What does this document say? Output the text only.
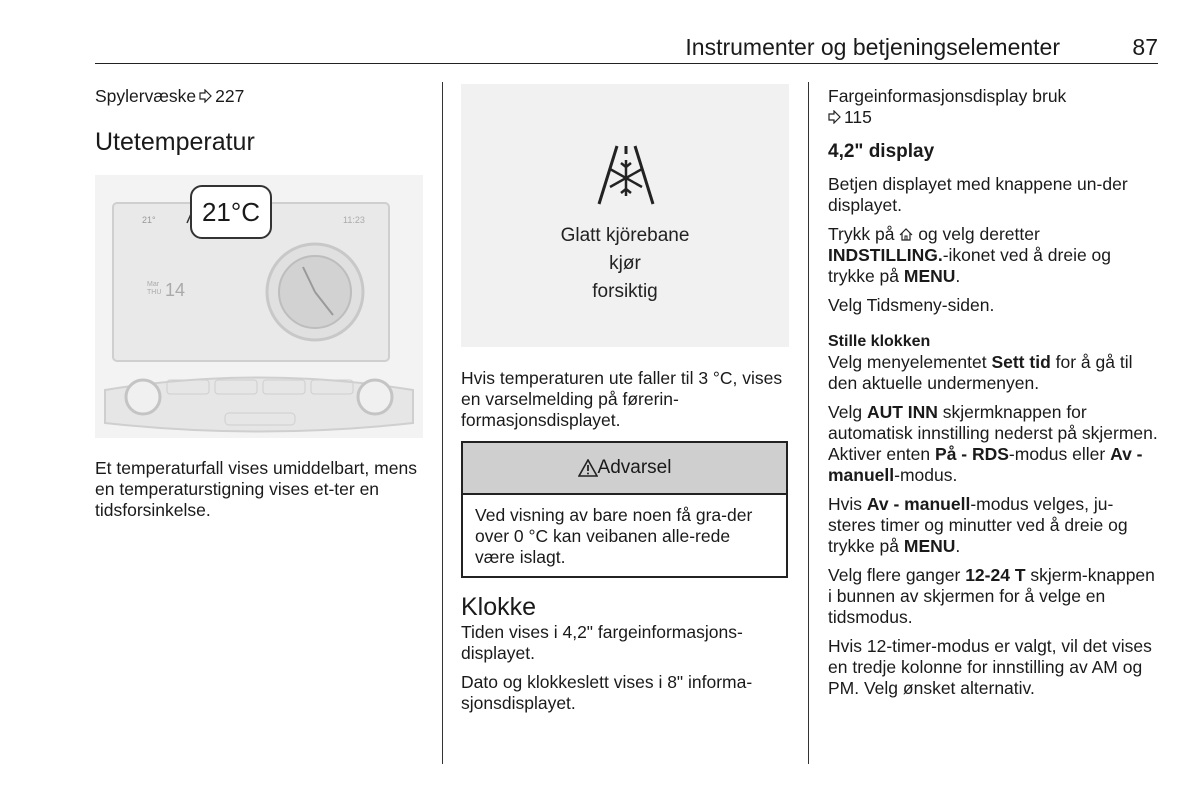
Instrumenter og betjeningselementer	87
Spylervæske 227
Utetemperatur
21°C
21°	11:23
Mar THU 14

Et temperaturfall vises umiddelbart, mens en temperaturstigning vises et-ter en tidsforsinkelse.

Glatt kjörebane
kjør
forsiktig

Hvis temperaturen ute faller til 3 °C, vises en varselmelding på førerin-formasjonsdisplayet.

Advarsel
Ved visning av bare noen få gra-der over 0 °C kan veibanen alle-rede være islagt.
Klokke

Tiden vises i 4,2" fargeinformasjons-displayet.

Dato og klokkeslett vises i 8" informa-sjonsdisplayet.

Fargeinformasjonsdisplay bruk
115
4,2" display

Betjen displayet med knappene un-der displayet.

Trykk på og velg deretter INDSTILLING.-ikonet ved å dreie og trykke på MENU.

Velg Tidsmeny-siden.

Stille klokken

Velg menyelementet Sett tid for å gå til den aktuelle undermenyen.

Velg AUT INN skjermknappen for automatisk innstilling nederst på skjermen. Aktiver enten På - RDS-modus eller Av - manuell-modus.

Hvis Av - manuell-modus velges, ju-steres timer og minutter ved å dreie og trykke på MENU.

Velg flere ganger 12-24 T skjerm-knappen i bunnen av skjermen for å velge en tidsmodus.

Hvis 12-timer-modus er valgt, vil det vises en tredje kolonne for innstilling av AM og PM. Velg ønsket alternativ.
